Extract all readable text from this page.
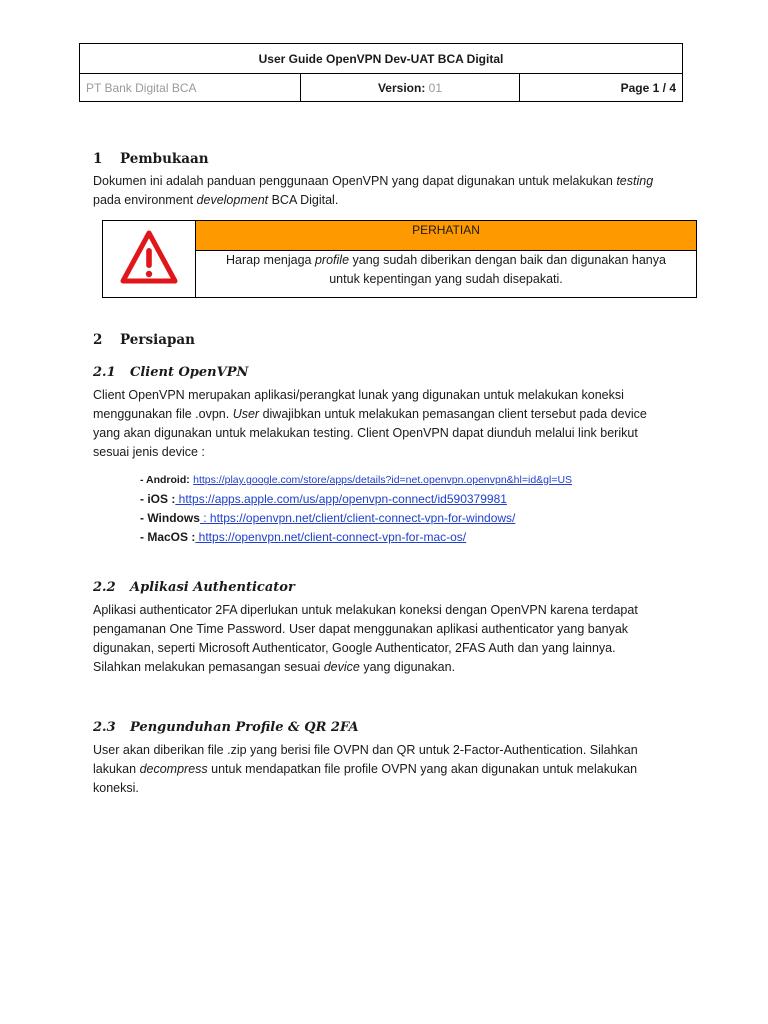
User Guide OpenVPN Dev-UAT BCA Digital
PT Bank Digital BCA	Version: 01	Page 1 / 4
1 Pembukaan
Dokumen ini adalah panduan penggunaan OpenVPN yang dapat digunakan untuk melakukan testing
pada environment development BCA Digital.
PERHATIAN
Harap menjaga profile yang sudah diberikan dengan baik dan digunakan hanya
untuk kepentingan yang sudah disepakati.
2 Persiapan
2.1 Client OpenVPN
Client OpenVPN merupakan aplikasi/perangkat lunak yang digunakan untuk melakukan koneksi
menggunakan file .ovpn. User diwajibkan untuk melakukan pemasangan client tersebut pada device
yang akan digunakan untuk melakukan testing. Client OpenVPN dapat diunduh melalui link berikut
sesuai jenis device :
- Android: https://play.google.com/store/apps/details?id=net.openvpn.openvpn&hl=id&gl=US
- iOS : https://apps.apple.com/us/app/openvpn-connect/id590379981
- Windows : https://openvpn.net/client/client-connect-vpn-for-windows/
- MacOS : https://openvpn.net/client-connect-vpn-for-mac-os/
2.2 Aplikasi Authenticator
Aplikasi authenticator 2FA diperlukan untuk melakukan koneksi dengan OpenVPN karena terdapat
pengamanan One Time Password. User dapat menggunakan aplikasi authenticator yang banyak
digunakan, seperti Microsoft Authenticator, Google Authenticator, 2FAS Auth dan yang lainnya.
Silahkan melakukan pemasangan sesuai device yang digunakan.
2.3 Pengunduhan Profile & QR 2FA
User akan diberikan file .zip yang berisi file OVPN dan QR untuk 2-Factor-Authentication. Silahkan
lakukan decompress untuk mendapatkan file profile OVPN yang akan digunakan untuk melakukan
koneksi.
